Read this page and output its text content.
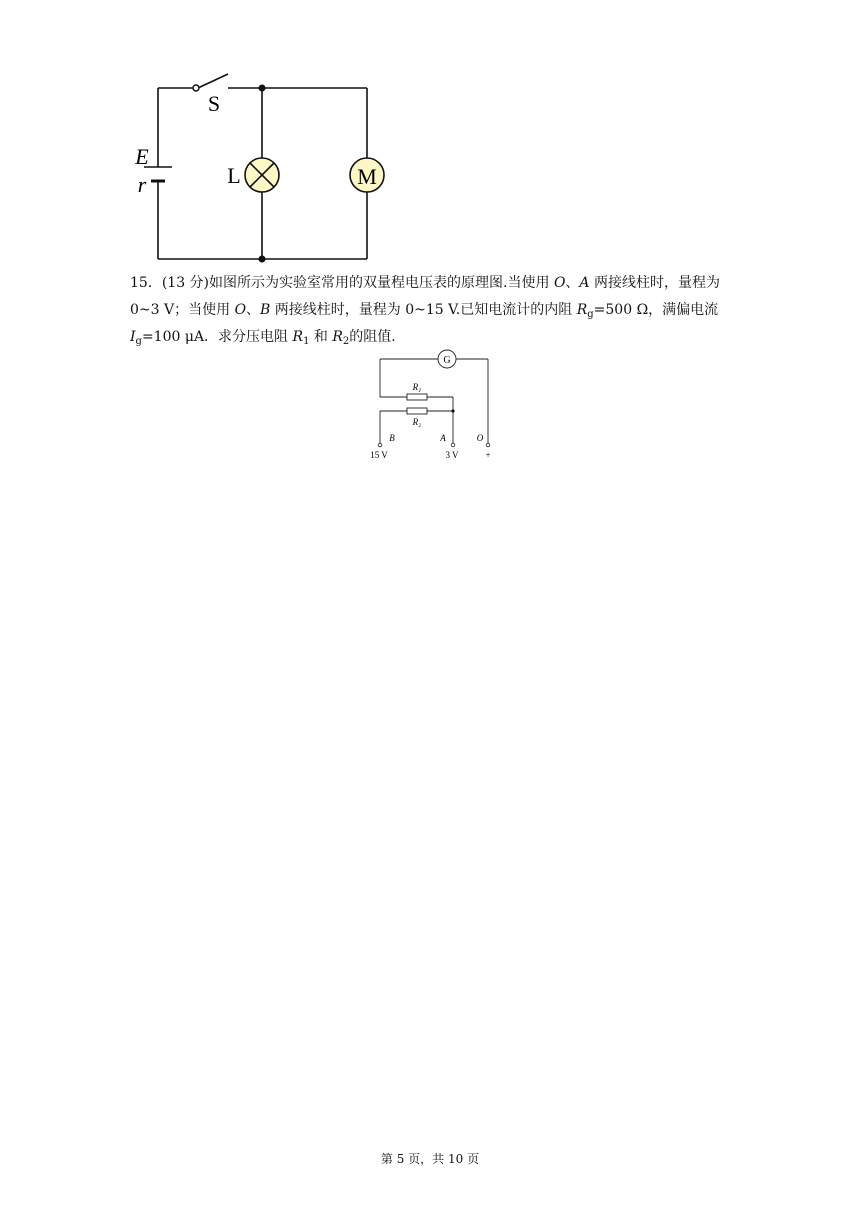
M
L
S
E
r

15．(13 分)如图所示为实验室常用的双量程电压表的原理图.当使用 O、A 两接线柱时，量程为 0~3 V；当使用 O、B 两接线柱时，量程为 0~15 V.已知电流计的内阻 $R_g=500$ Ω，满偏电流 $I_g=100$ μA．求分压电阻 $R_1$ 和 $R_2$的阻值.

G
R₁
R₂
B	A	O
15 V	3 V	+
第 5 页，共 10 页
